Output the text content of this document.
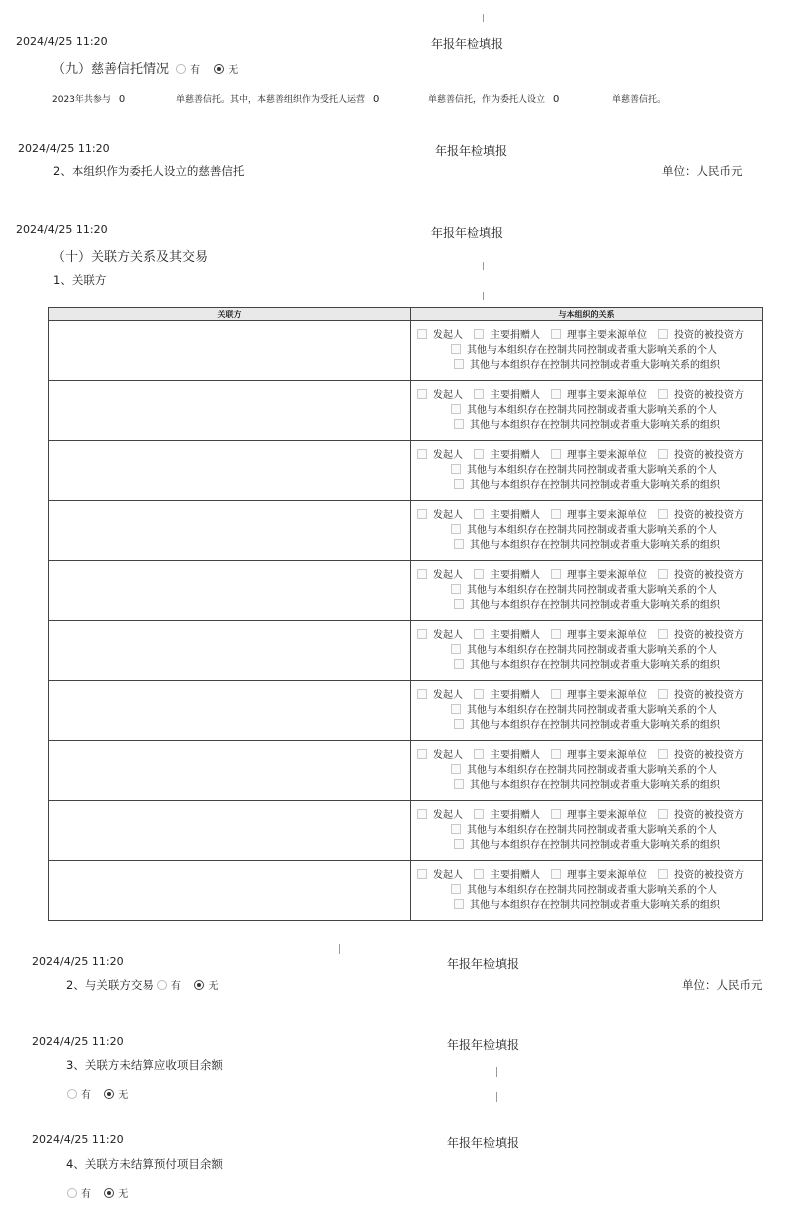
2024/4/25 11:20	年报年检填报
（九）慈善信托情况 有	无
2023年共参与 0	单慈善信托。其中，本慈善组织作为受托人运营 0	单慈善信托，作为委托人设立 0	单慈善信托。
2024/4/25 11:20	年报年检填报
2、本组织作为委托人设立的慈善信托	单位：人民币元
2024/4/25 11:20	年报年检填报
（十）关联方关系及其交易
1、关联方
关联方	与本组织的关系

	发起人 主要捐赠人 理事主要来源单位 投资的被投资方
其他与本组织存在控制共同控制或者重大影响关系的个人
其他与本组织存在控制共同控制或者重大影响关系的组织

	发起人 主要捐赠人 理事主要来源单位 投资的被投资方
其他与本组织存在控制共同控制或者重大影响关系的个人
其他与本组织存在控制共同控制或者重大影响关系的组织

	发起人 主要捐赠人 理事主要来源单位 投资的被投资方
其他与本组织存在控制共同控制或者重大影响关系的个人
其他与本组织存在控制共同控制或者重大影响关系的组织

	发起人 主要捐赠人 理事主要来源单位 投资的被投资方
其他与本组织存在控制共同控制或者重大影响关系的个人
其他与本组织存在控制共同控制或者重大影响关系的组织

	发起人 主要捐赠人 理事主要来源单位 投资的被投资方
其他与本组织存在控制共同控制或者重大影响关系的个人
其他与本组织存在控制共同控制或者重大影响关系的组织

	发起人 主要捐赠人 理事主要来源单位 投资的被投资方
其他与本组织存在控制共同控制或者重大影响关系的个人
其他与本组织存在控制共同控制或者重大影响关系的组织

	发起人 主要捐赠人 理事主要来源单位 投资的被投资方
其他与本组织存在控制共同控制或者重大影响关系的个人
其他与本组织存在控制共同控制或者重大影响关系的组织

	发起人 主要捐赠人 理事主要来源单位 投资的被投资方
其他与本组织存在控制共同控制或者重大影响关系的个人
其他与本组织存在控制共同控制或者重大影响关系的组织

	发起人 主要捐赠人 理事主要来源单位 投资的被投资方
其他与本组织存在控制共同控制或者重大影响关系的个人
其他与本组织存在控制共同控制或者重大影响关系的组织

	发起人 主要捐赠人 理事主要来源单位 投资的被投资方
其他与本组织存在控制共同控制或者重大影响关系的个人
其他与本组织存在控制共同控制或者重大影响关系的组织
2024/4/25 11:20	年报年检填报
2、与关联方交易 有	无	单位：人民币元
2024/4/25 11:20	年报年检填报
3、关联方未结算应收项目余额
有	无
2024/4/25 11:20	年报年检填报
4、关联方未结算预付项目余额
有	无
